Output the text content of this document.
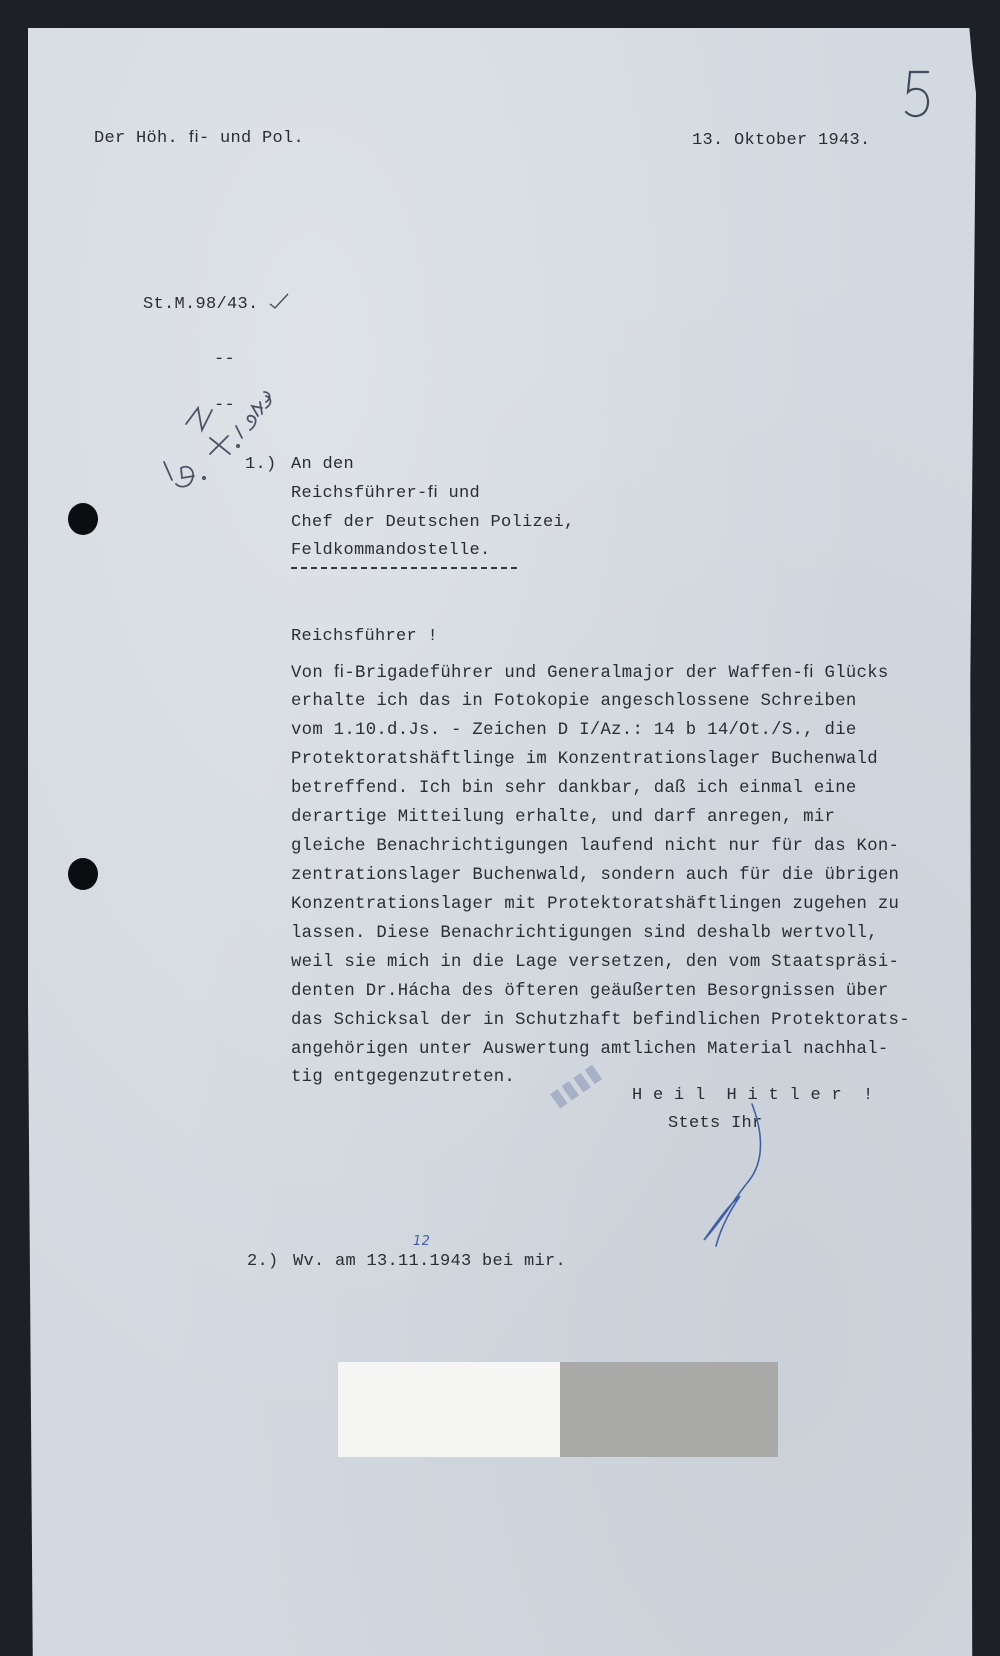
Der Höh. ﬁ- und Pol.	13. Oktober 1943.
St.M.98/43.
--
--
1.) An den
Reichsführer-ﬁ und
Chef der Deutschen Polizei,
Feldkommandostelle.
Reichsführer !
Von ﬁ-Brigadeführer und Generalmajor der Waffen-ﬁ Glücks
erhalte ich das in Fotokopie angeschlossene Schreiben
vom 1.10.d.Js. - Zeichen D I/Az.: 14 b 14/Ot./S., die
Protektoratshäftlinge im Konzentrationslager Buchenwald
betreffend. Ich bin sehr dankbar, daß ich einmal eine
derartige Mitteilung erhalte, und darf anregen, mir
gleiche Benachrichtigungen laufend nicht nur für das Kon-
zentrationslager Buchenwald, sondern auch für die übrigen
Konzentrationslager mit Protektoratshäftlingen zugehen zu
lassen. Diese Benachrichtigungen sind deshalb wertvoll,
weil sie mich in die Lage versetzen, den vom Staatspräsi-
denten Dr.Hácha des öfteren geäußerten Besorgnissen über
das Schicksal der in Schutzhaft befindlichen Protektorats-
angehörigen unter Auswertung amtlichen Material nachhal-
tig entgegenzutreten. ▮▮▮▮ H e i l  H i t l e r  !
Stets Ihr
2.) Wv. am 13.11.1943 bei mir.
12
